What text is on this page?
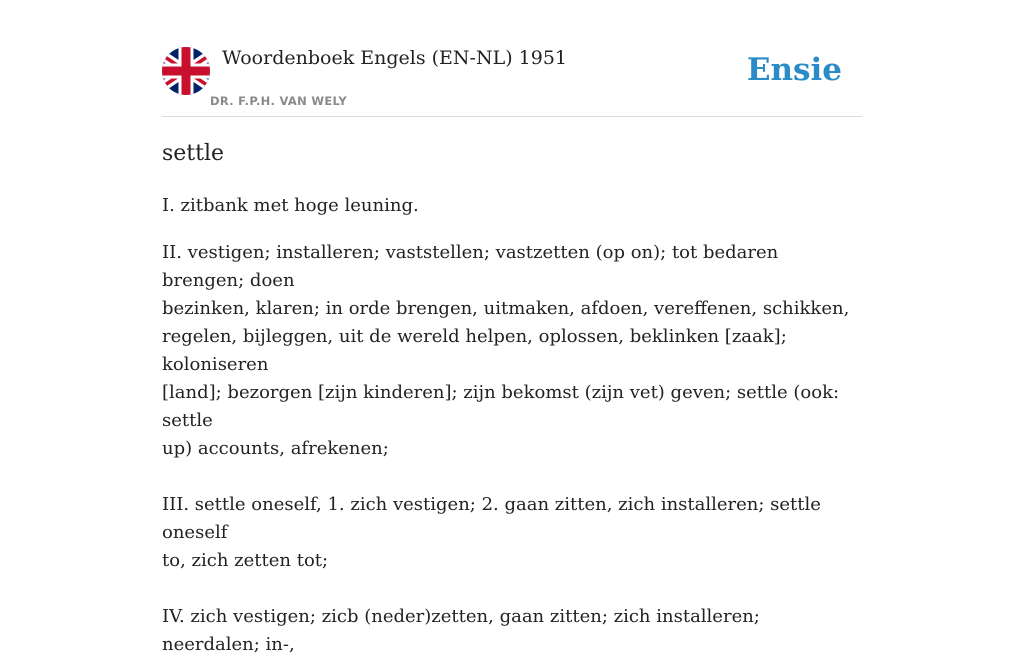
Woordenboek Engels (EN-NL) 1951
DR. F.P.H. VAN WELY
Ensie
settle

I. zitbank met hoge leuning.

II. vestigen; installeren; vaststellen; vastzetten (op on); tot bedaren brengen; doen
bezinken, klaren; in orde brengen, uitmaken, afdoen, vereffenen, schikken,
regelen, bijleggen, uit de wereld helpen, oplossen, beklinken [zaak]; koloniseren
[land]; bezorgen [zijn kinderen]; zijn bekomst (zijn vet) geven; settle (ook: settle
up) accounts, afrekenen;

III. settle oneself, 1. zich vestigen; 2. gaan zitten, zich installeren; settle oneself
to, zich zetten tot;

IV. zich vestigen; zicb (neder)zetten, gaan zitten; zich installeren; neerdalen; in-,
